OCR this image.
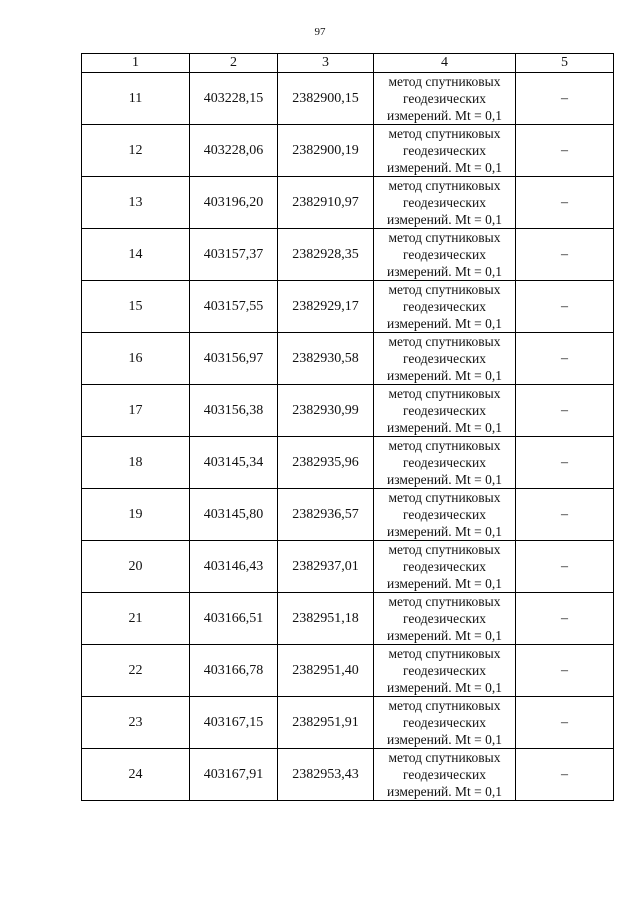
97
1	2	3	4	5
11	403228,15	2382900,15	метод спутниковых
геодезических
измерений. Mt = 0,1	–
12	403228,06	2382900,19	метод спутниковых
геодезических
измерений. Mt = 0,1	–
13	403196,20	2382910,97	метод спутниковых
геодезических
измерений. Mt = 0,1	–
14	403157,37	2382928,35	метод спутниковых
геодезических
измерений. Mt = 0,1	–
15	403157,55	2382929,17	метод спутниковых
геодезических
измерений. Mt = 0,1	–
16	403156,97	2382930,58	метод спутниковых
геодезических
измерений. Mt = 0,1	–
17	403156,38	2382930,99	метод спутниковых
геодезических
измерений. Mt = 0,1	–
18	403145,34	2382935,96	метод спутниковых
геодезических
измерений. Mt = 0,1	–
19	403145,80	2382936,57	метод спутниковых
геодезических
измерений. Mt = 0,1	–
20	403146,43	2382937,01	метод спутниковых
геодезических
измерений. Mt = 0,1	–
21	403166,51	2382951,18	метод спутниковых
геодезических
измерений. Mt = 0,1	–
22	403166,78	2382951,40	метод спутниковых
геодезических
измерений. Mt = 0,1	–
23	403167,15	2382951,91	метод спутниковых
геодезических
измерений. Mt = 0,1	–
24	403167,91	2382953,43	метод спутниковых
геодезических
измерений. Mt = 0,1	–
